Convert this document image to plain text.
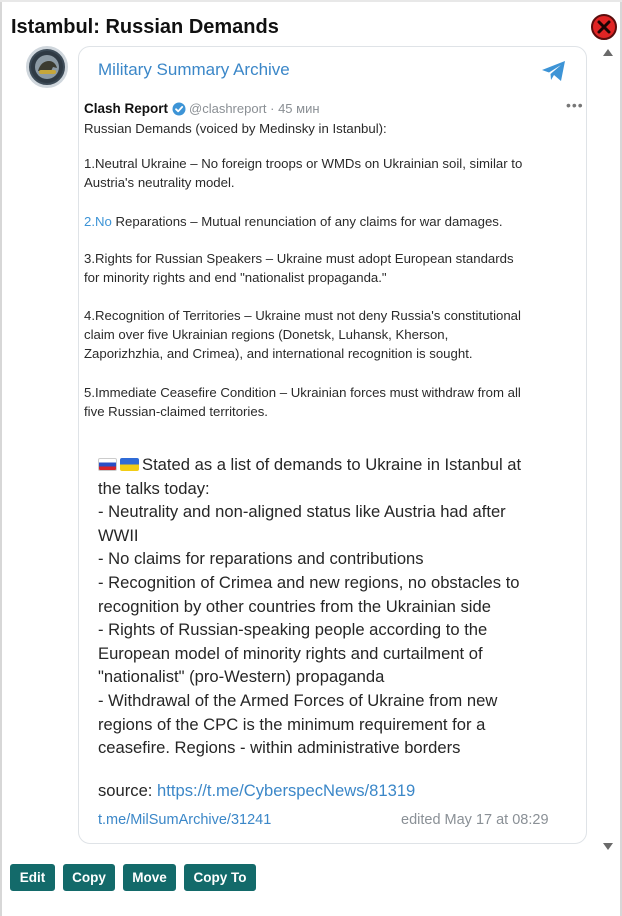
Istambul: Russian Demands
Military Summary Archive
Clash Report @clashreport · 45 мин	•••
Russian Demands (voiced by Medinsky in Istanbul):
1.Neutral Ukraine – No foreign troops or WMDs on Ukrainian soil, similar to
Austria's neutrality model.
2.No Reparations – Mutual renunciation of any claims for war damages.
3.Rights for Russian Speakers – Ukraine must adopt European standards
for minority rights and end "nationalist propaganda."
4.Recognition of Territories – Ukraine must not deny Russia's constitutional
claim over five Ukrainian regions (Donetsk, Luhansk, Kherson,
Zaporizhzhia, and Crimea), and international recognition is sought.
5.Immediate Ceasefire Condition – Ukrainian forces must withdraw from all
five Russian-claimed territories.
Stated as a list of demands to Ukraine in Istanbul at
the talks today:
- Neutrality and non-aligned status like Austria had after
WWII
- No claims for reparations and contributions
- Recognition of Crimea and new regions, no obstacles to
recognition by other countries from the Ukrainian side
- Rights of Russian-speaking people according to the
European model of minority rights and curtailment of
"nationalist" (pro-Western) propaganda
- Withdrawal of the Armed Forces of Ukraine from new
regions of the CPC is the minimum requirement for a
ceasefire. Regions - within administrative borders
source: https://t.me/CyberspecNews/81319
t.me/MilSumArchive/31241	edited May 17 at 08:29
Edit	Copy	Move	Copy To
